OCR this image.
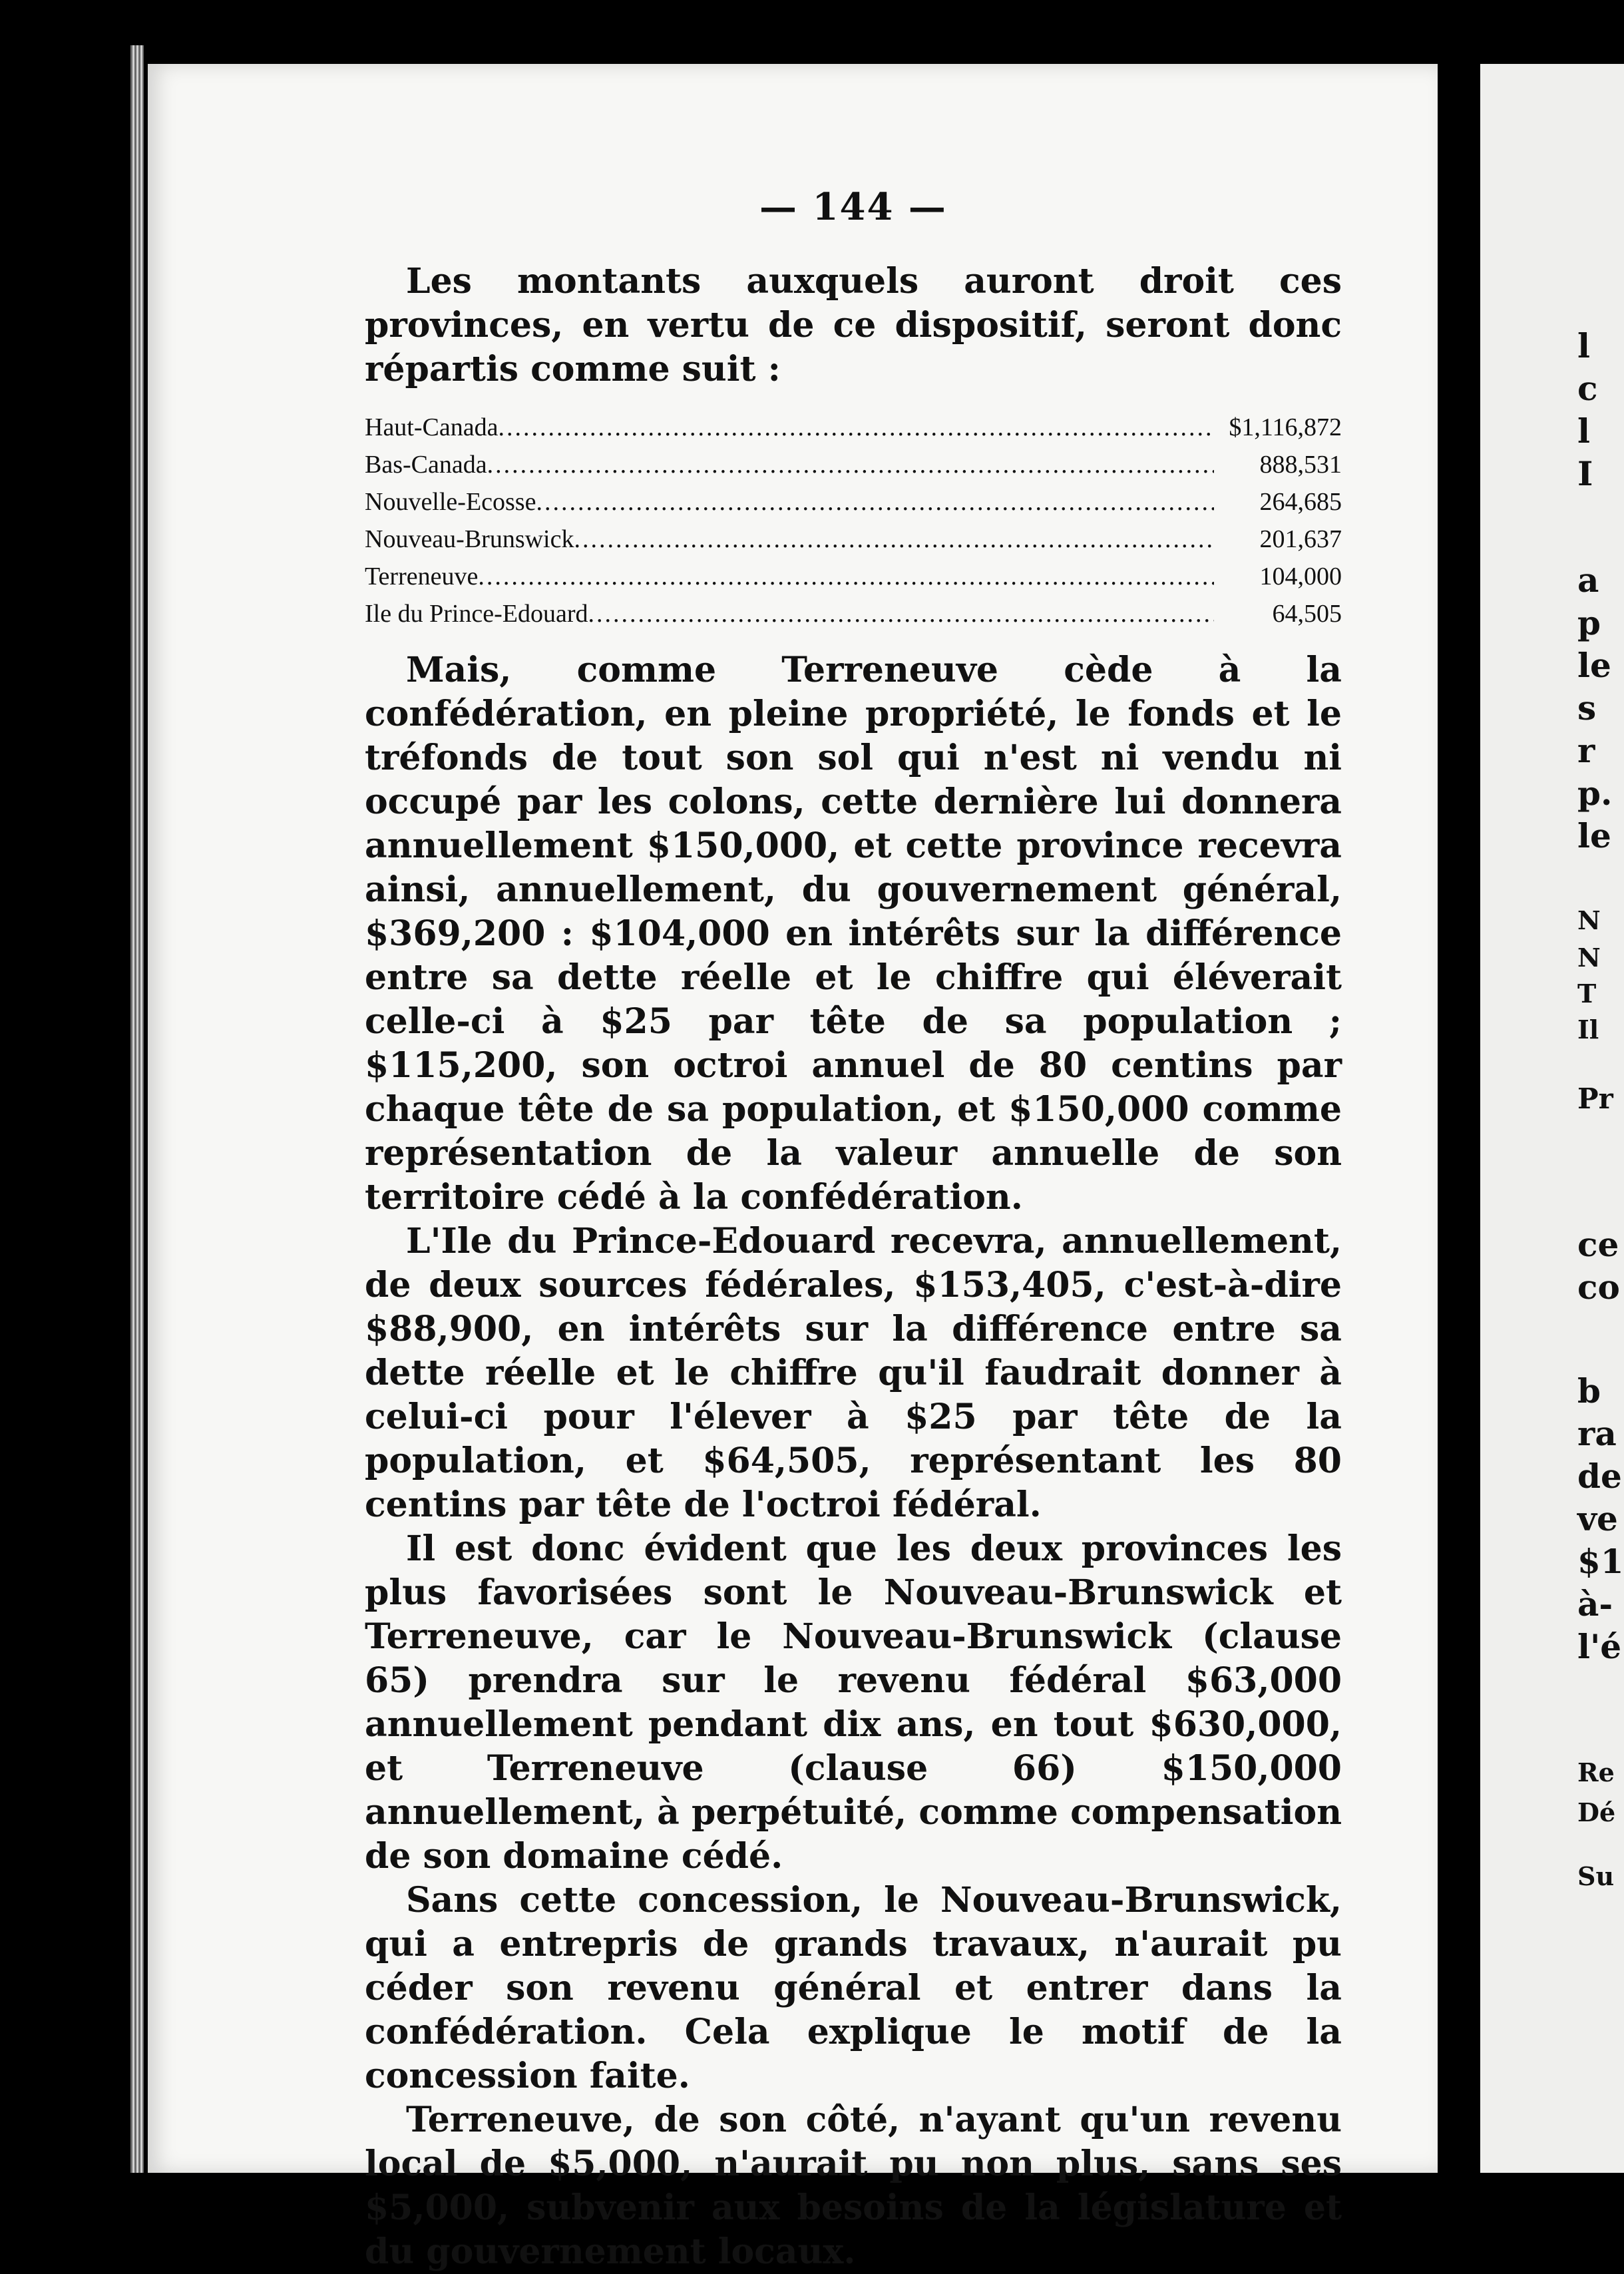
— 144 —

Les montants auxquels auront droit ces provinces, en vertu de ce dispositif, seront donc répartis comme suit :

Haut-Canada .....	$1,116,872
Bas-Canada .....	888,531
Nouvelle-Ecosse .....	264,685
Nouveau-Brunswick .....	201,637
Terreneuve .....	104,000
Ile du Prince-Edouard .....	64,505

Mais, comme Terreneuve cède à la confédération, en pleine propriété, le fonds et le tréfonds de tout son sol qui n'est ni vendu ni occupé par les colons, cette dernière lui donnera annuellement $150,000, et cette province recevra ainsi, annuellement, du gouvernement général, $369,200 : $104,000 en intérêts sur la différence entre sa dette réelle et le chiffre qui éléverait celle-ci à $25 par tête de sa population ; $115,200, son octroi annuel de 80 centins par chaque tête de sa population, et $150,000 comme représentation de la valeur annuelle de son territoire cédé à la confédération.

L'Ile du Prince-Edouard recevra, annuellement, de deux sources fédérales, $153,405, c'est-à-dire $88,900, en intérêts sur la différence entre sa dette réelle et le chiffre qu'il faudrait donner à celui-ci pour l'élever à $25 par tête de la population, et $64,505, représentant les 80 centins par tête de l'octroi fédéral.

Il est donc évident que les deux provinces les plus favorisées sont le Nouveau-Brunswick et Terreneuve, car le Nouveau-Brunswick (clause 65) prendra sur le revenu fédéral $63,000 annuellement pendant dix ans, en tout $630,000, et Terreneuve (clause 66) $150,000 annuellement, à perpétuité, comme compensation de son domaine cédé.

Sans cette concession, le Nouveau-Brunswick, qui a entrepris de grands travaux, n'aurait pu céder son revenu général et entrer dans la confédération. Cela explique le motif de la concession faite.

Terreneuve, de son côté, n'ayant qu'un revenu local de $5,000, n'aurait pu non plus, sans ses $5,000, subvenir aux besoins de la législature et du gouvernement locaux.

l
c
l
I
a
p
le
s
r
p.
le
N
N
T
Il
Pr
ce
co
b
ra
de
ve
$1
à-
l'é
Re
Dé
Su
